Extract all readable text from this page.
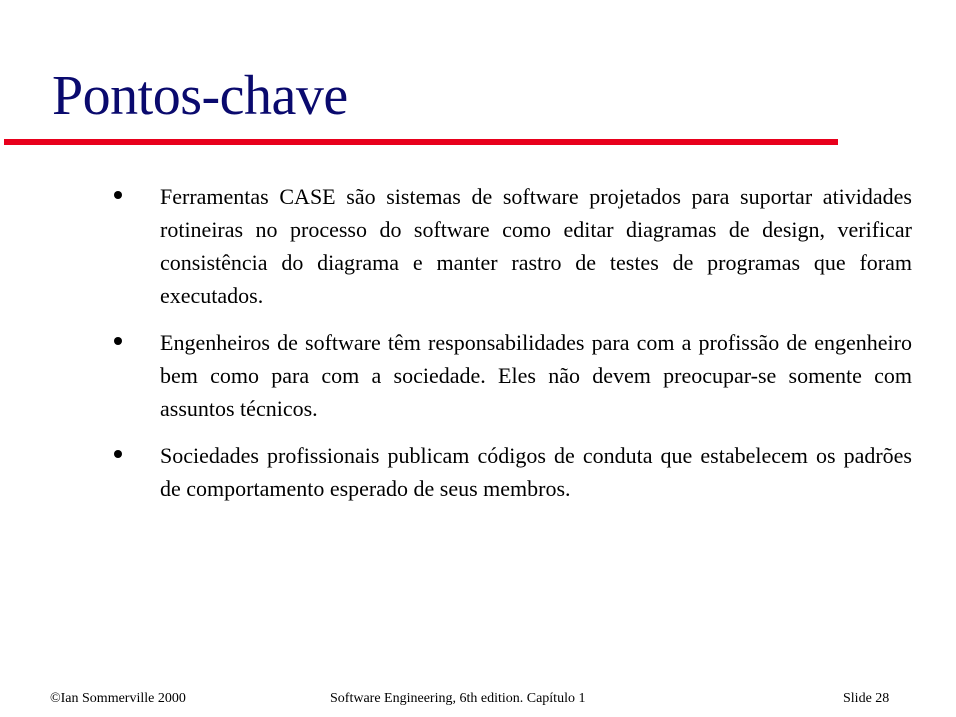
Pontos-chave
Ferramentas CASE são sistemas de software projetados para suportar atividades rotineiras no processo do software como editar diagramas de design, verificar consistência do diagrama e manter rastro de testes de programas que foram executados.
Engenheiros de software têm responsabilidades para com a profissão de engenheiro bem como para com a sociedade. Eles não devem preocupar-se somente com assuntos técnicos.
Sociedades profissionais publicam códigos de conduta que estabelecem os padrões de comportamento esperado de seus membros.
©Ian Sommerville 2000	Software Engineering, 6th edition. Capítulo 1	Slide 28
